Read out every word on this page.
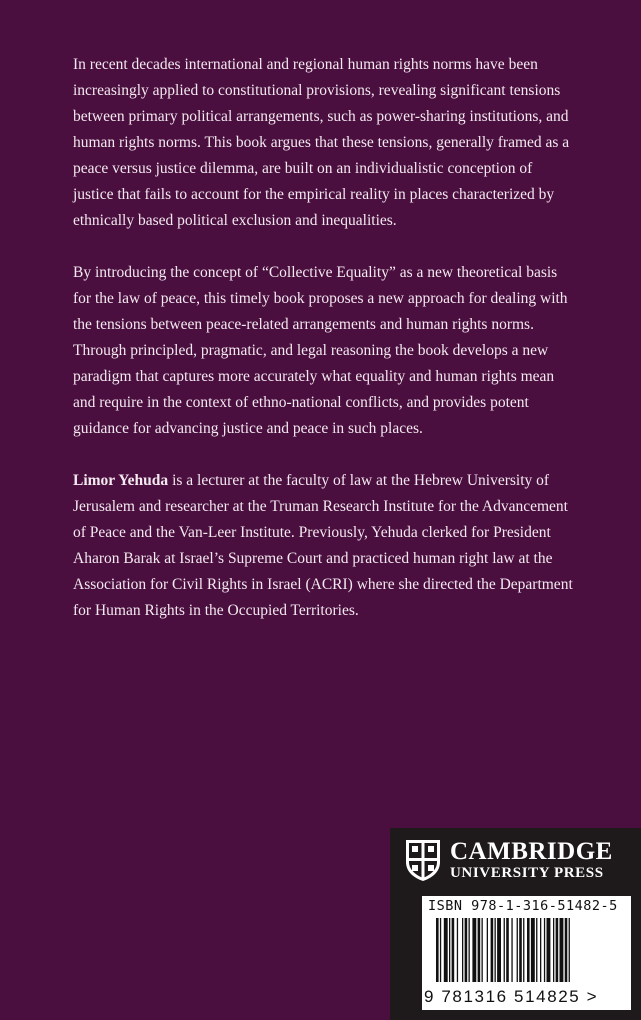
In recent decades international and regional human rights norms have been increasingly applied to constitutional provisions, revealing significant tensions between primary political arrangements, such as power-sharing institutions, and human rights norms. This book argues that these tensions, generally framed as a peace versus justice dilemma, are built on an individualistic conception of justice that fails to account for the empirical reality in places characterized by ethnically based political exclusion and inequalities.

By introducing the concept of “Collective Equality” as a new theoretical basis for the law of peace, this timely book proposes a new approach for dealing with the tensions between peace-related arrangements and human rights norms. Through principled, pragmatic, and legal reasoning the book develops a new paradigm that captures more accurately what equality and human rights mean and require in the context of ethno-national conflicts, and provides potent guidance for advancing justice and peace in such places.

Limor Yehuda is a lecturer at the faculty of law at the Hebrew University of Jerusalem and researcher at the Truman Research Institute for the Advancement of Peace and the Van-Leer Institute. Previously, Yehuda clerked for President Aharon Barak at Israel’s Supreme Court and practiced human right law at the Association for Civil Rights in Israel (ACRI) where she directed the Department for Human Rights in the Occupied Territories.

CAMBRIDGE
UNIVERSITY PRESS
ISBN 978-1-316-51482-5
9 781316 514825 >
